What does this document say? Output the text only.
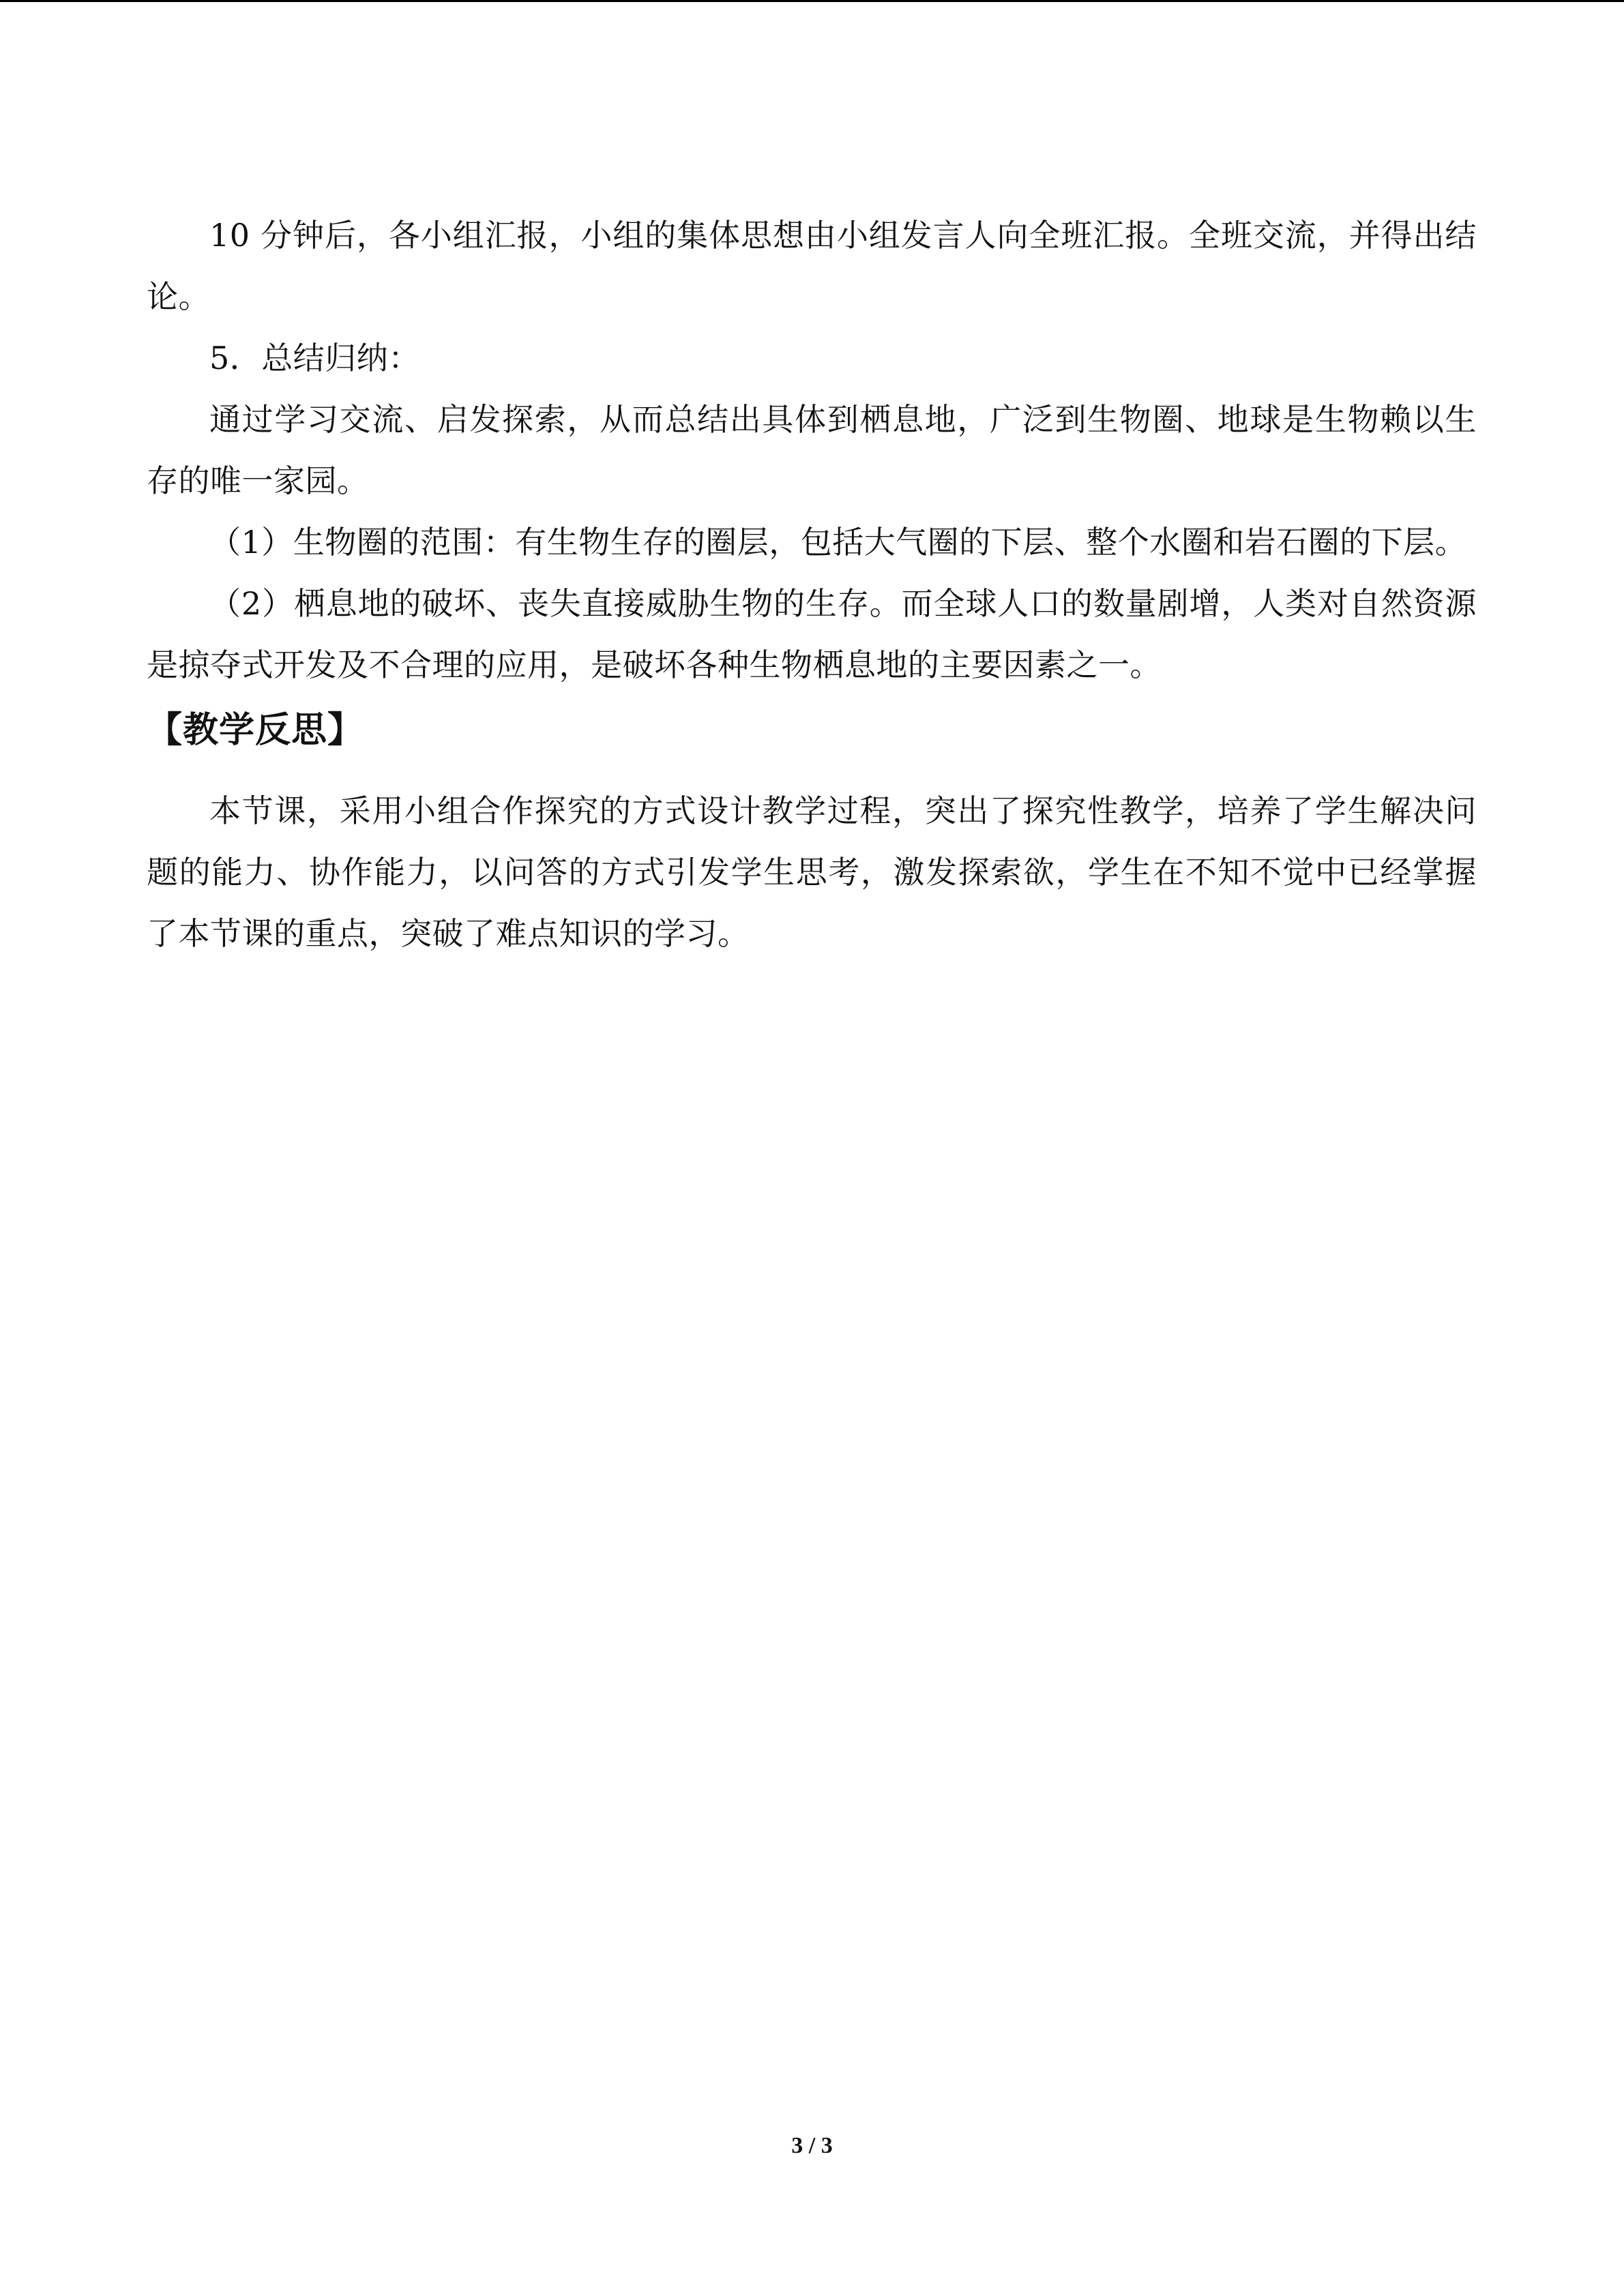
10 分钟后，各小组汇报，小组的集体思想由小组发言人向全班汇报。全班交流，并得出结论。

5．总结归纳：

通过学习交流、启发探索，从而总结出具体到栖息地，广泛到生物圈、地球是生物赖以生存的唯一家园。

（1）生物圈的范围：有生物生存的圈层，包括大气圈的下层、整个水圈和岩石圈的下层。

（2）栖息地的破坏、丧失直接威胁生物的生存。而全球人口的数量剧增，人类对自然资源是掠夺式开发及不合理的应用，是破坏各种生物栖息地的主要因素之一。

【教学反思】

本节课，采用小组合作探究的方式设计教学过程，突出了探究性教学，培养了学生解决问题的能力、协作能力，以问答的方式引发学生思考，激发探索欲，学生在不知不觉中已经掌握了本节课的重点，突破了难点知识的学习。

3 / 3
